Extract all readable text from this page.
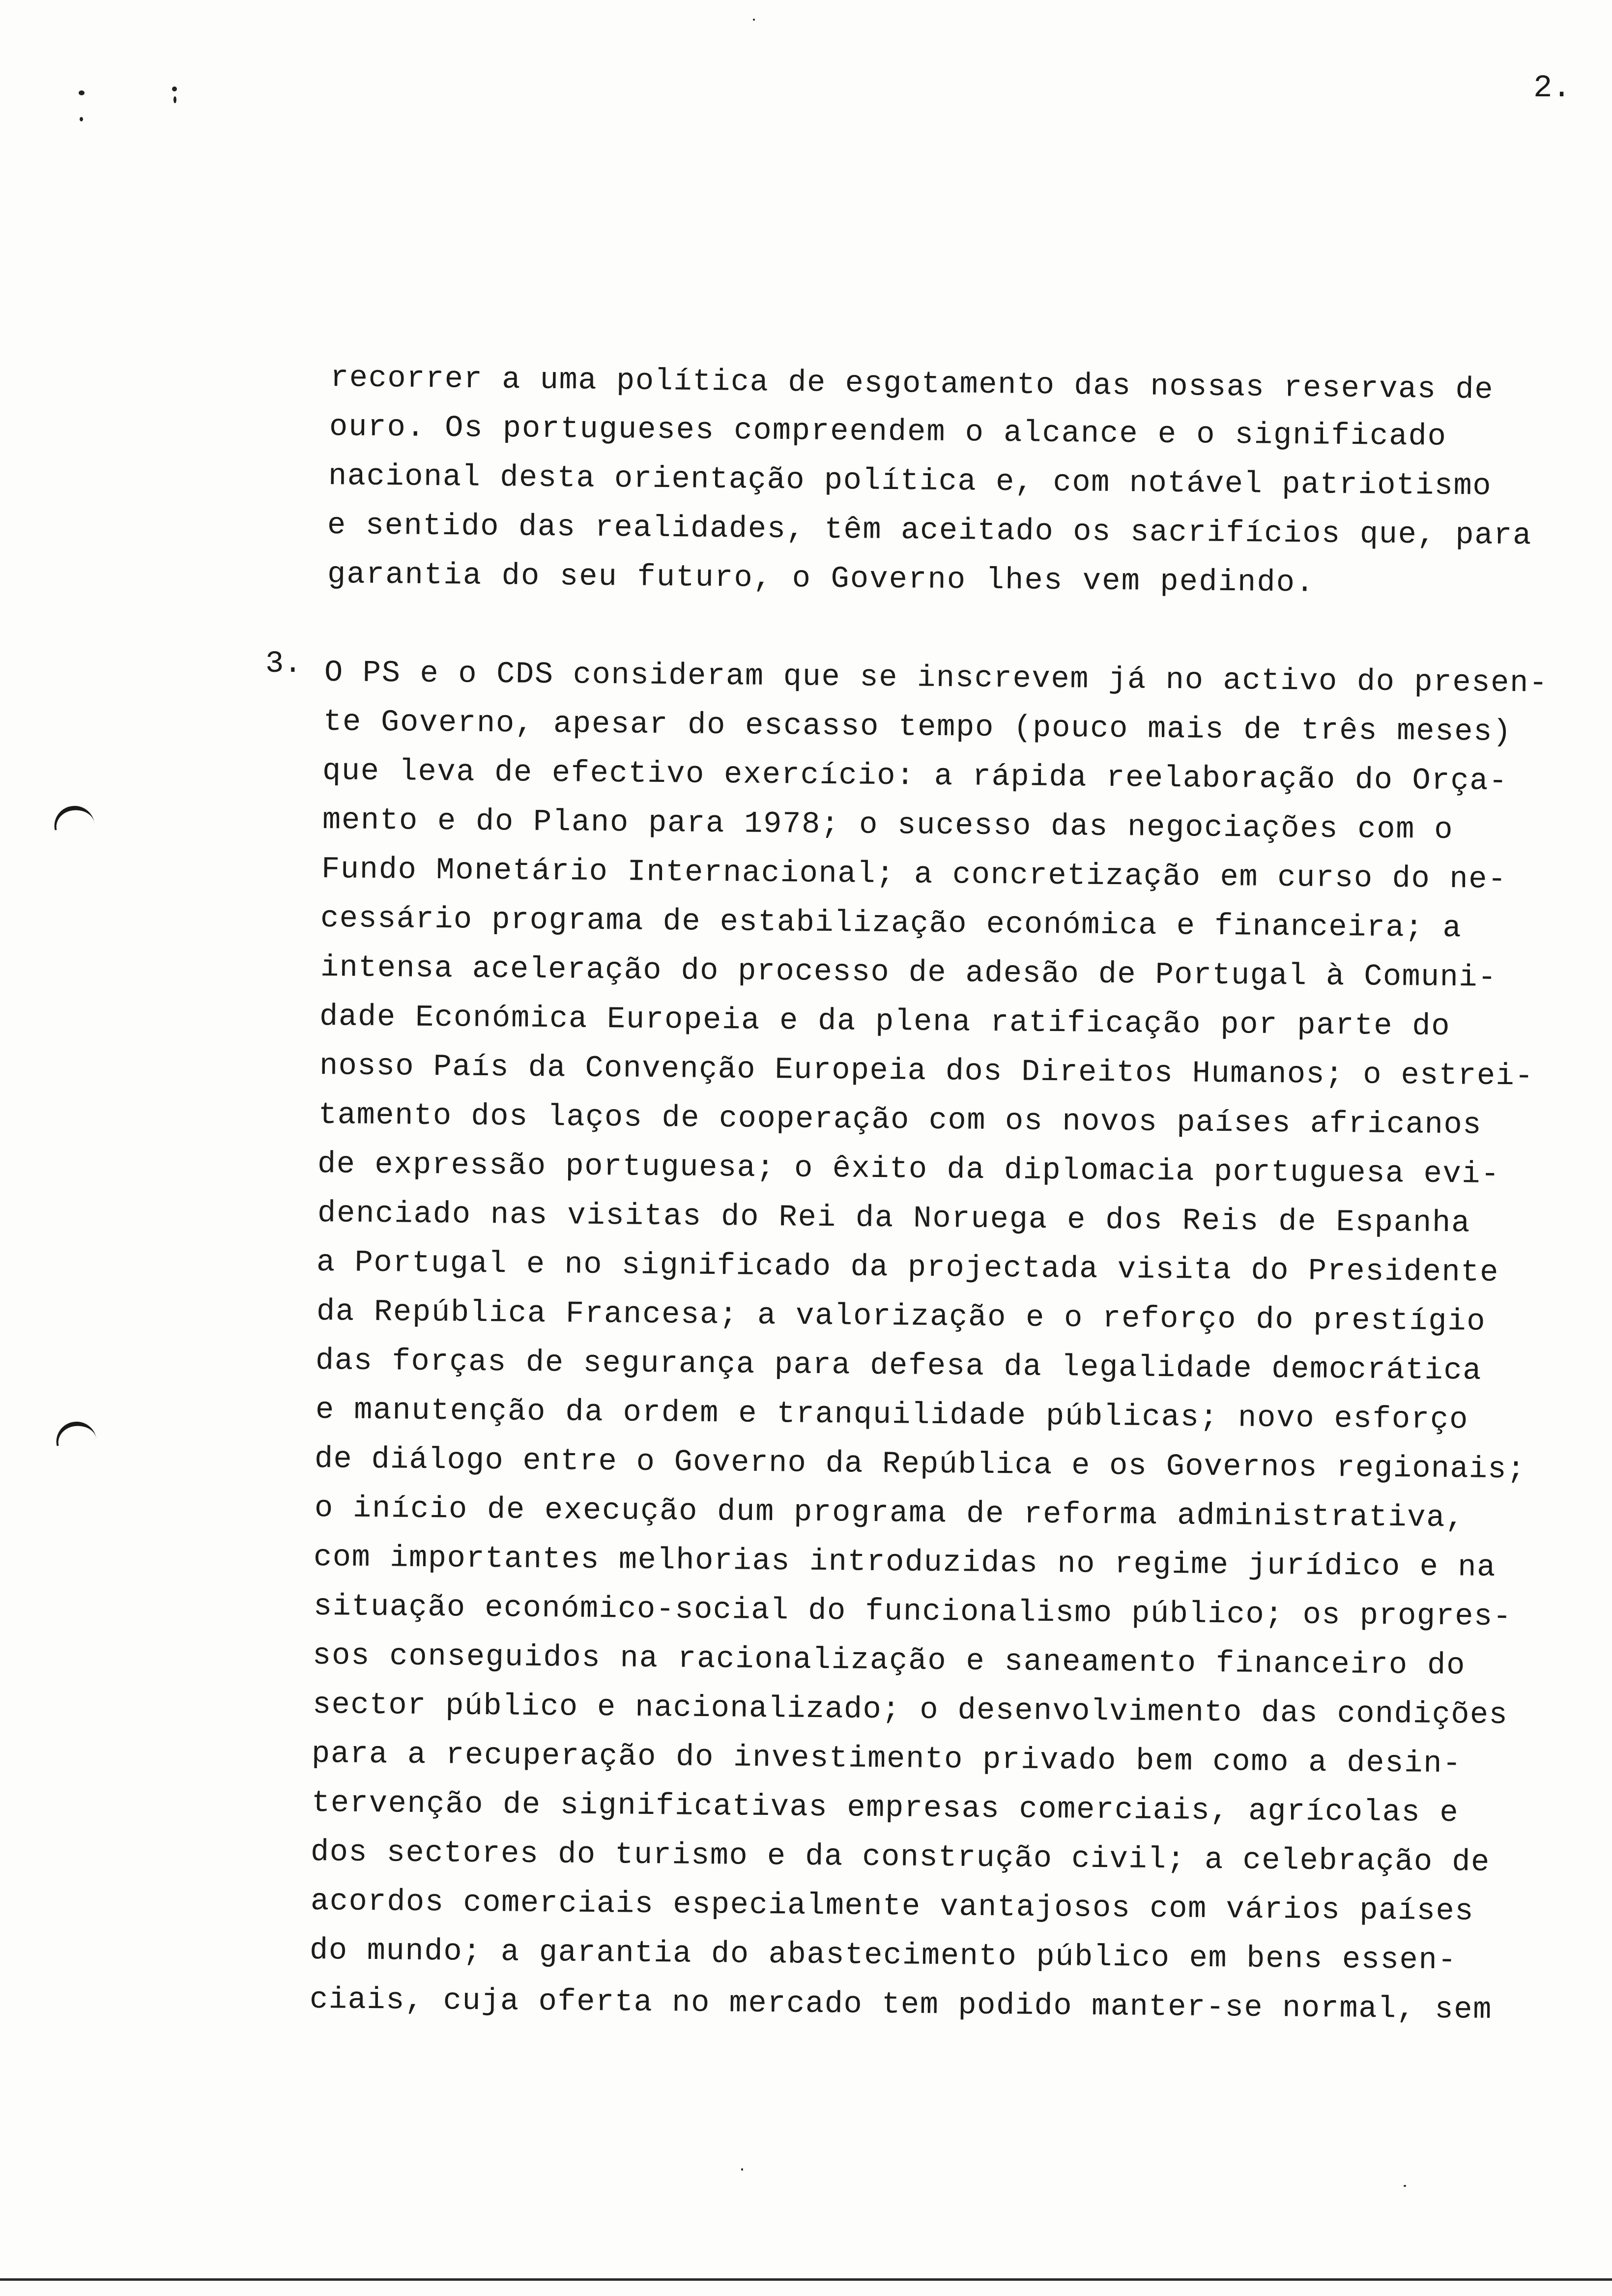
2.
recorrer a uma política de esgotamento das nossas reservas de
ouro. Os portugueses compreendem o alcance e o significado
nacional desta orientação política e, com notável patriotismo
e sentido das realidades, têm aceitado os sacrifícios que, para
garantia do seu futuro, o Governo lhes vem pedindo.
3. O PS e o CDS consideram que se inscrevem já no activo do presen-
te Governo, apesar do escasso tempo (pouco mais de três meses)
que leva de efectivo exercício: a rápida reelaboração do Orça-
mento e do Plano para 1978; o sucesso das negociações com o
Fundo Monetário Internacional; a concretização em curso do ne-
cessário programa de estabilização económica e financeira; a
intensa aceleração do processo de adesão de Portugal à Comuni-
dade Económica Europeia e da plena ratificação por parte do
nosso País da Convenção Europeia dos Direitos Humanos; o estrei-
tamento dos laços de cooperação com os novos países africanos
de expressão portuguesa; o êxito da diplomacia portuguesa evi-
denciado nas visitas do Rei da Noruega e dos Reis de Espanha
a Portugal e no significado da projectada visita do Presidente
da República Francesa; a valorização e o reforço do prestígio
das forças de segurança para defesa da legalidade democrática
e manutenção da ordem e tranquilidade públicas; novo esforço
de diálogo entre o Governo da República e os Governos regionais;
o início de execução dum programa de reforma administrativa,
com importantes melhorias introduzidas no regime jurídico e na
situação económico-social do funcionalismo público; os progres-
sos conseguidos na racionalização e saneamento financeiro do
sector público e nacionalizado; o desenvolvimento das condições
para a recuperação do investimento privado bem como a desin-
tervenção de significativas empresas comerciais, agrícolas e
dos sectores do turismo e da construção civil; a celebração de
acordos comerciais especialmente vantajosos com vários países
do mundo; a garantia do abastecimento público em bens essen-
ciais, cuja oferta no mercado tem podido manter-se normal, sem
